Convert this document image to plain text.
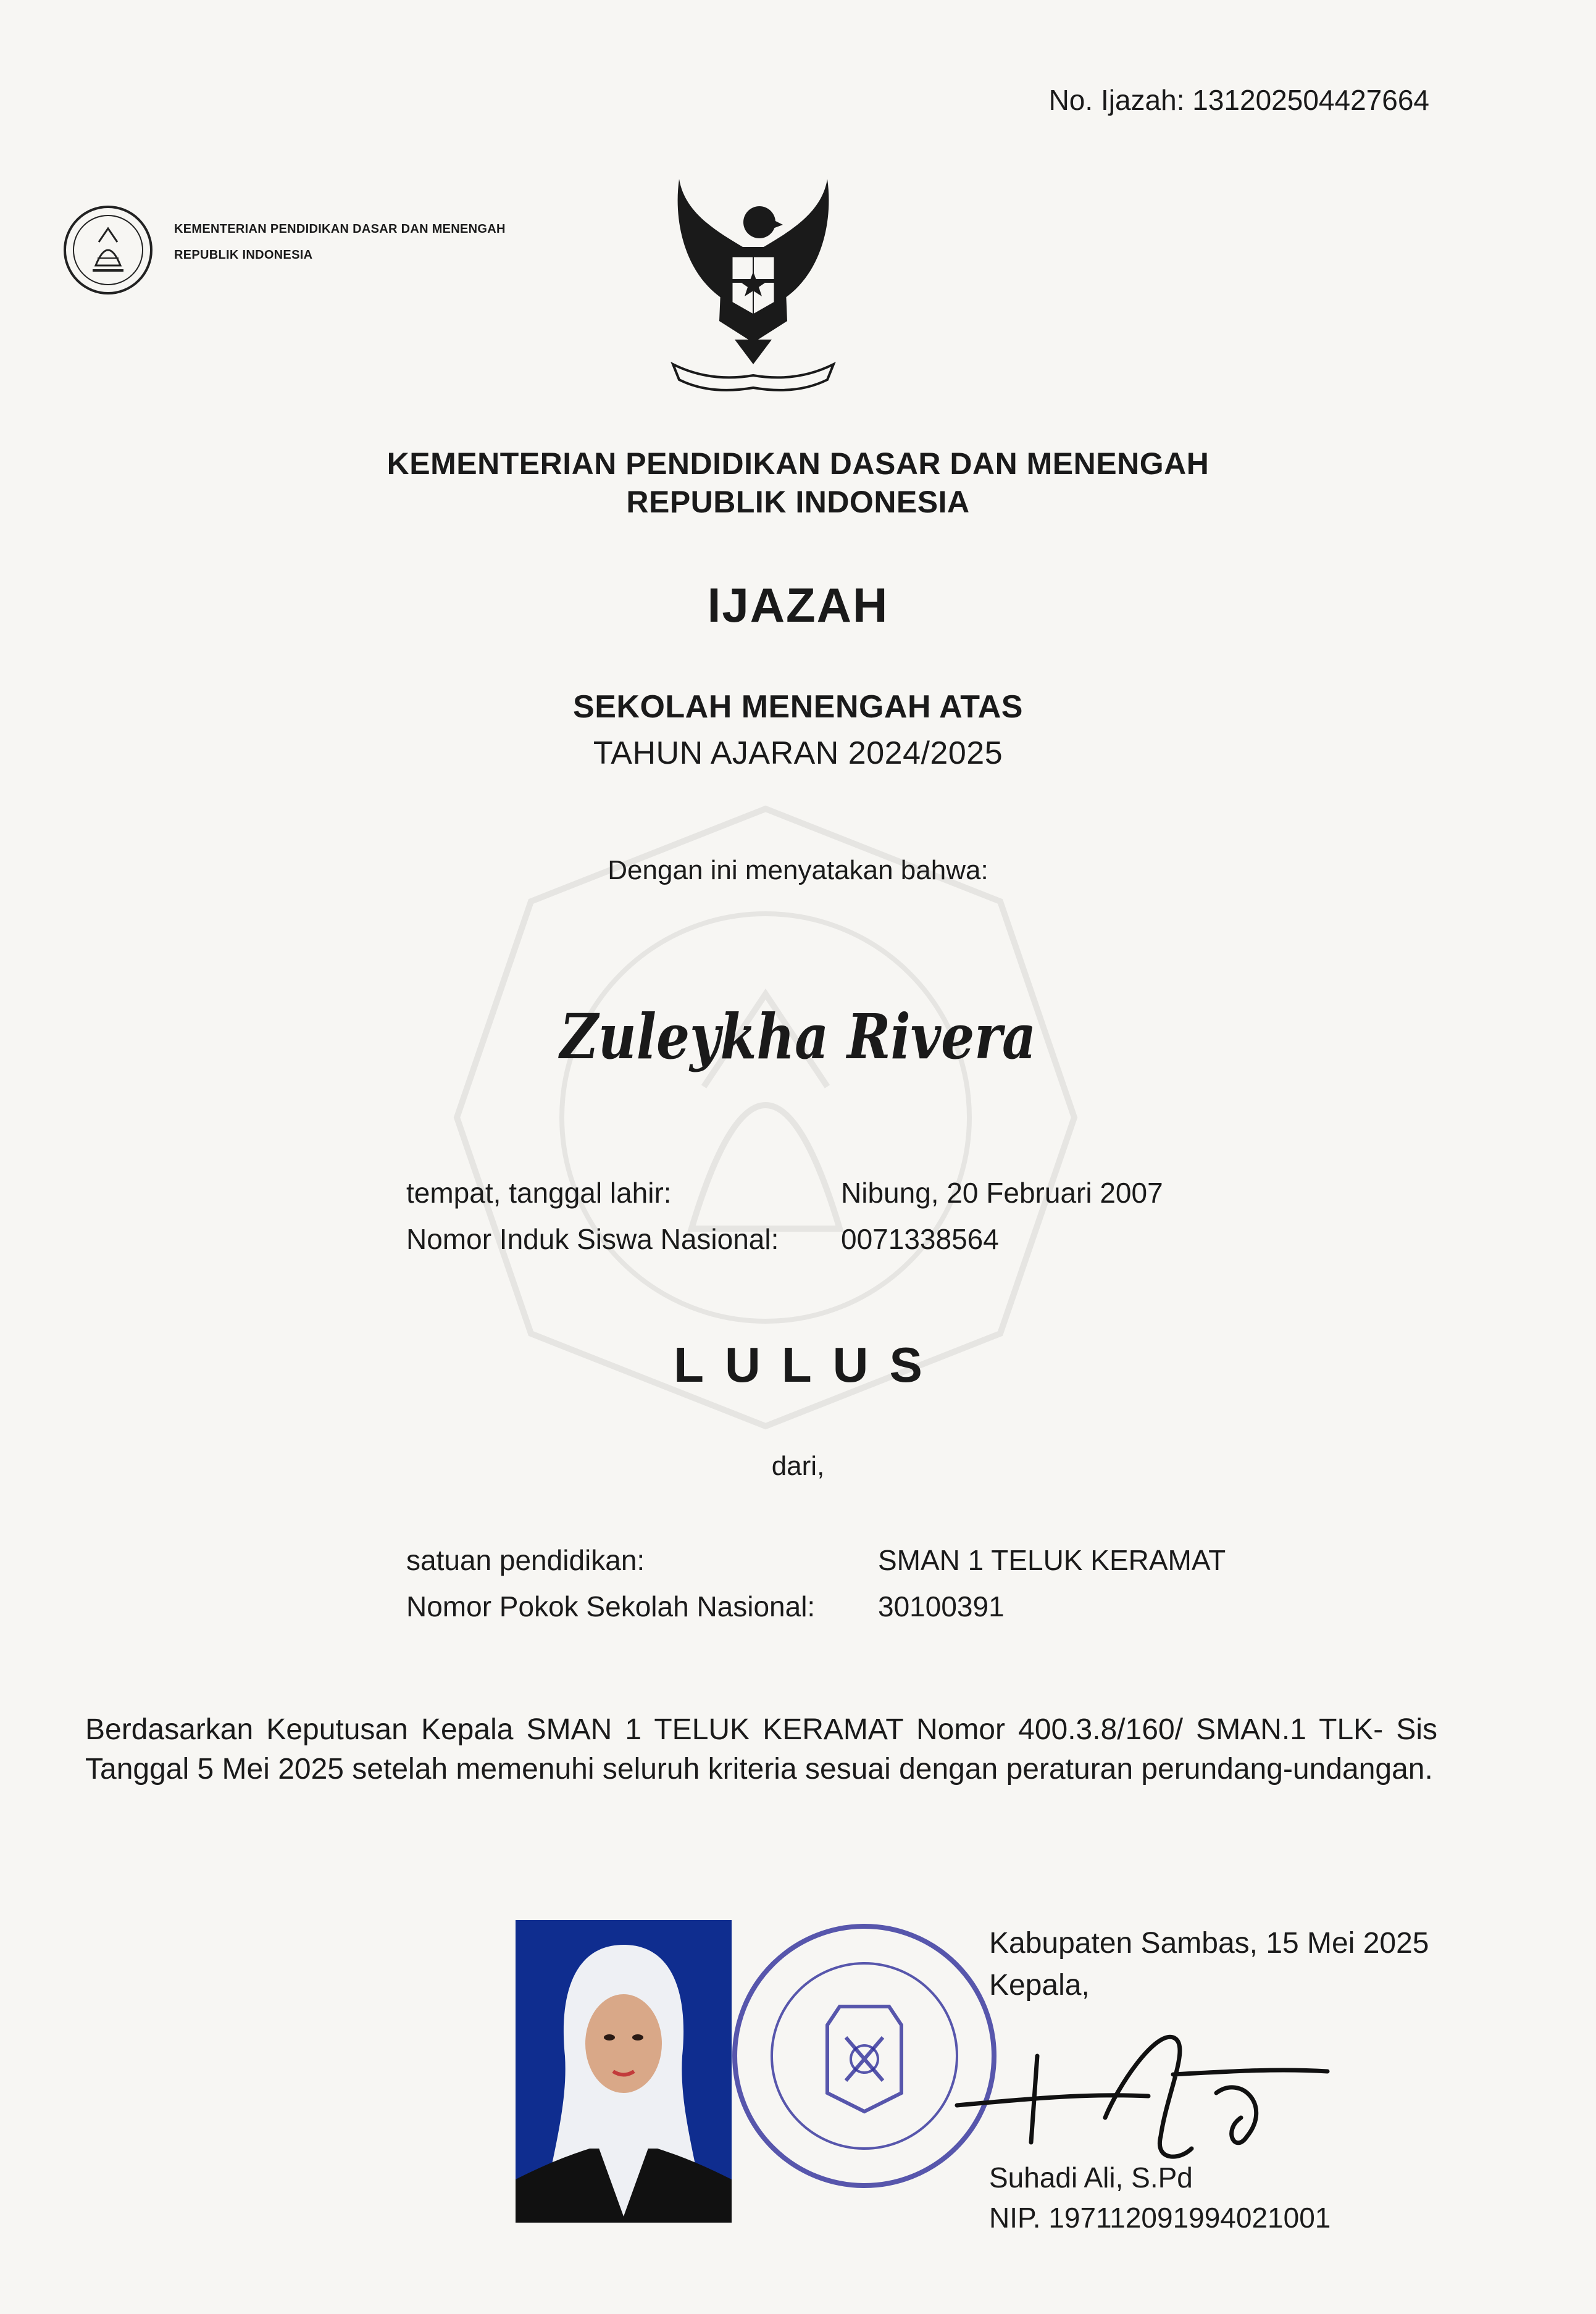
No. Ijazah: 131202504427664
KEMENTERIAN PENDIDIKAN DASAR DAN MENENGAH
REPUBLIK INDONESIA
KEMENTERIAN PENDIDIKAN DASAR DAN MENENGAH
REPUBLIK INDONESIA
IJAZAH
SEKOLAH MENENGAH ATAS
TAHUN AJARAN 2024/2025
Dengan ini menyatakan bahwa:
Zuleykha Rivera
tempat, tanggal lahir:	Nibung, 20 Februari 2007
Nomor Induk Siswa Nasional: 0071338564
LULUS
dari,
satuan pendidikan:	SMAN 1 TELUK KERAMAT
Nomor Pokok Sekolah Nasional: 30100391
Berdasarkan Keputusan Kepala SMAN 1 TELUK KERAMAT Nomor 400.3.8/160/ SMAN.1 TLK- Sis Tanggal 5 Mei 2025 setelah memenuhi seluruh kriteria sesuai dengan peraturan perundang-undangan.
Kabupaten Sambas, 15 Mei 2025
Kepala,
Suhadi Ali, S.Pd
NIP. 197112091994021001
